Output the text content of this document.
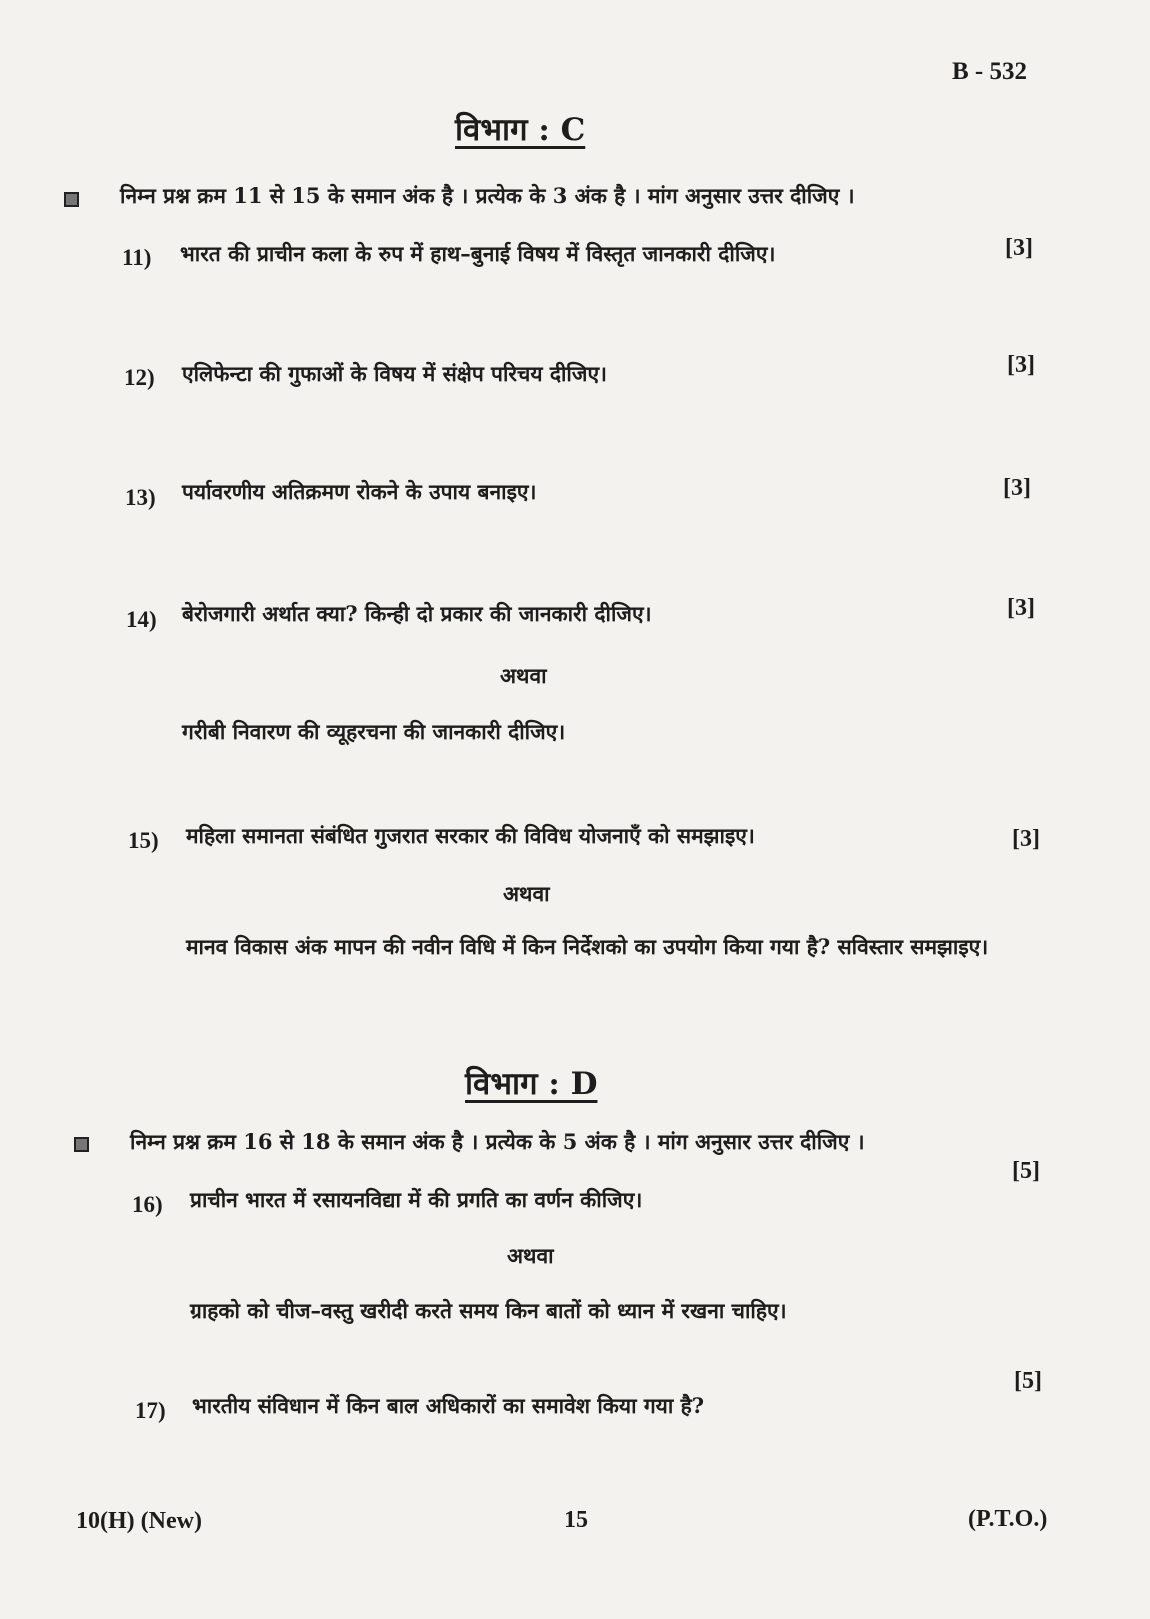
B - 532
विभाग : C
निम्न प्रश्न क्रम 11 से 15 के समान अंक है । प्रत्येक के 3 अंक है । मांग अनुसार उत्तर दीजिए ।
11) भारत की प्राचीन कला के रुप में हाथ–बुनाई विषय में विस्तृत जानकारी दीजिए।	[3]
12) एलिफेन्टा की गुफाओं के विषय में संक्षेप परिचय दीजिए।	[3]
13) पर्यावरणीय अतिक्रमण रोकने के उपाय बनाइए।	[3]
14) बेरोजगारी अर्थात क्या? किन्ही दो प्रकार की जानकारी दीजिए।	[3]
अथवा
गरीबी निवारण की व्यूहरचना की जानकारी दीजिए।
15) महिला समानता संबंधित गुजरात सरकार की विविध योजनाएँ को समझाइए।	[3]
अथवा
मानव विकास अंक मापन की नवीन विधि में किन निर्देशको का उपयोग किया गया है? सविस्तार समझाइए।
विभाग : D
निम्न प्रश्न क्रम 16 से 18 के समान अंक है । प्रत्येक के 5 अंक है । मांग अनुसार उत्तर दीजिए ।
16) प्राचीन भारत में रसायनविद्या में की प्रगति का वर्णन कीजिए।
[5]
अथवा
ग्राहको को चीज–वस्तु खरीदी करते समय किन बातों को ध्यान में रखना चाहिए।
17) भारतीय संविधान में किन बाल अधिकारों का समावेश किया गया है?
[5]
10(H) (New)	15	(P.T.O.)
